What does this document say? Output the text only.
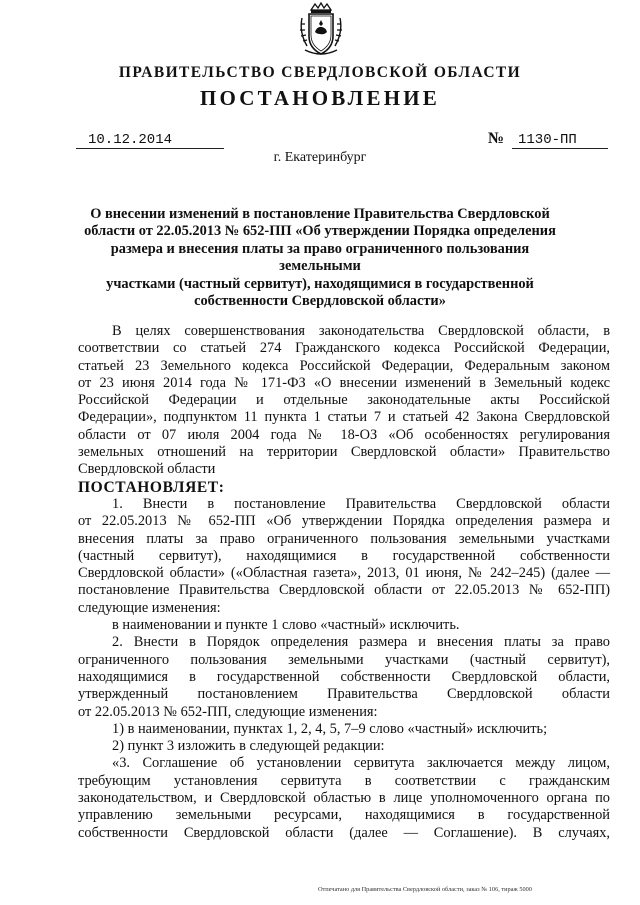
ПРАВИТЕЛЬСТВО СВЕРДЛОВСКОЙ ОБЛАСТИ
ПОСТАНОВЛЕНИЕ
10.12.2014	№ 1130-ПП
г. Екатеринбург
О внесении изменений в постановление Правительства Свердловской
области от 22.05.2013 № 652-ПП «Об утверждении Порядка определения
размера и внесения платы за право ограниченного пользования земельными
участками (частный сервитут), находящимися в государственной
собственности Свердловской области»
В целях совершенствования законодательства Свердловской области, в
соответствии со статьей 274 Гражданского кодекса Российской Федерации,
статьей 23 Земельного кодекса Российской Федерации, Федеральным законом
от 23 июня 2014 года № 171-ФЗ «О внесении изменений в Земельный кодекс
Российской Федерации и отдельные законодательные акты Российской
Федерации», подпунктом 11 пункта 1 статьи 7 и статьей 42 Закона Свердловской
области от 07 июля 2004 года № 18-ОЗ «Об особенностях регулирования
земельных отношений на территории Свердловской области» Правительство
Свердловской области
ПОСТАНОВЛЯЕТ:
1. Внести в постановление Правительства Свердловской области
от 22.05.2013 № 652-ПП «Об утверждении Порядка определения размера и
внесения платы за право ограниченного пользования земельными участками
(частный сервитут), находящимися в государственной собственности
Свердловской области» («Областная газета», 2013, 01 июня, № 242–245) (далее —
постановление Правительства Свердловской области от 22.05.2013 № 652-ПП)
следующие изменения:
в наименовании и пункте 1 слово «частный» исключить.
2. Внести в Порядок определения размера и внесения платы за право
ограниченного пользования земельными участками (частный сервитут),
находящимися в государственной собственности Свердловской области,
утвержденный постановлением Правительства Свердловской области
от 22.05.2013 № 652-ПП, следующие изменения:
1) в наименовании, пунктах 1, 2, 4, 5, 7–9 слово «частный» исключить;
2) пункт 3 изложить в следующей редакции:
«3. Соглашение об установлении сервитута заключается между лицом,
требующим установления сервитута в соответствии с гражданским
законодательством, и Свердловской областью в лице уполномоченного органа по
управлению земельными ресурсами, находящимися в государственной
собственности Свердловской области (далее — Соглашение). В случаях,
Отпечатано для Правительства Свердловской области, заказ № 106, тираж 5000
